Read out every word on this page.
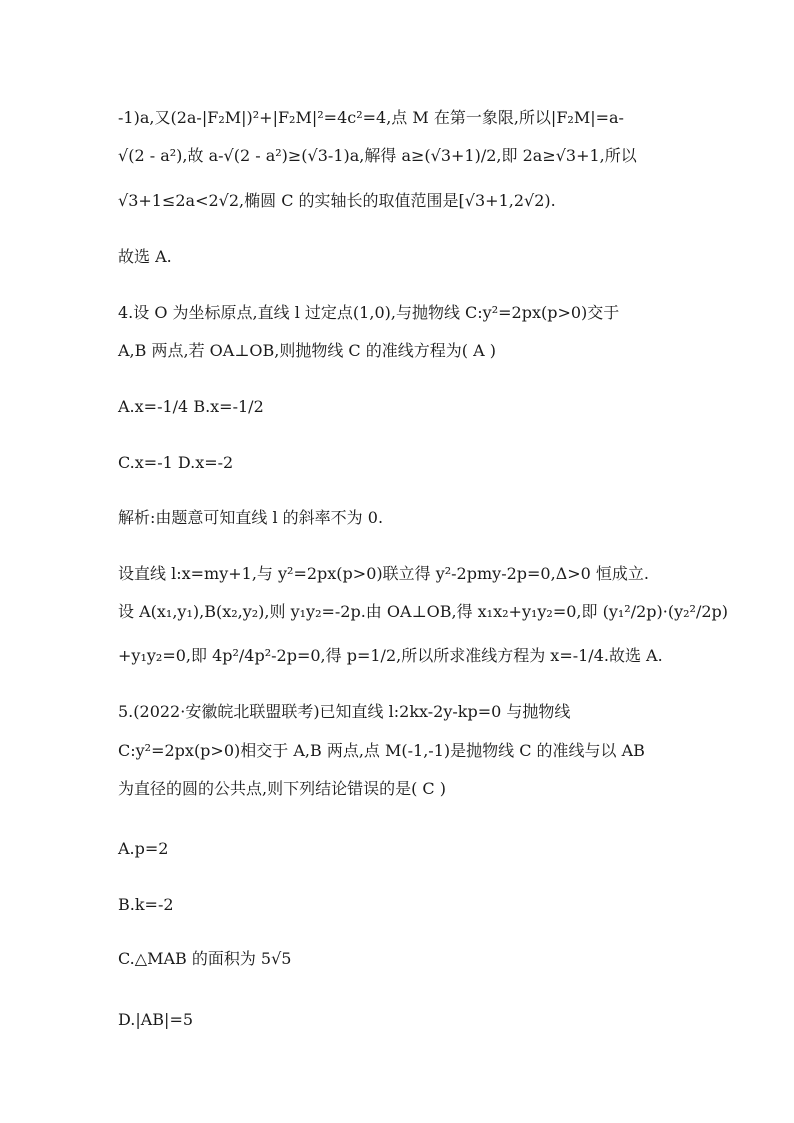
-1)a,又(2a-|F₂M|)²+|F₂M|²=4c²=4,点 M 在第一象限,所以|F₂M|=a-
√(2 - a²),故 a-√(2 - a²)≥(√3-1)a,解得 a≥(√3+1)/2,即 2a≥√3+1,所以
√3+1≤2a<2√2,椭圆 C 的实轴长的取值范围是[√3+1,2√2).
故选 A.
4.设 O 为坐标原点,直线 l 过定点(1,0),与抛物线 C:y²=2px(p>0)交于
A,B 两点,若 OA⊥OB,则抛物线 C 的准线方程为( A )
A.x=-1/4 B.x=-1/2
C.x=-1 D.x=-2
解析:由题意可知直线 l 的斜率不为 0.
设直线 l:x=my+1,与 y²=2px(p>0)联立得 y²-2pmy-2p=0,Δ>0 恒成立.
设 A(x₁,y₁),B(x₂,y₂),则 y₁y₂=-2p.由 OA⊥OB,得 x₁x₂+y₁y₂=0,即 (y₁²/2p)·(y₂²/2p)
+y₁y₂=0,即 4p²/4p²-2p=0,得 p=1/2,所以所求准线方程为 x=-1/4.故选 A.
5.(2022·安徽皖北联盟联考)已知直线 l:2kx-2y-kp=0 与抛物线
C:y²=2px(p>0)相交于 A,B 两点,点 M(-1,-1)是抛物线 C 的准线与以 AB
为直径的圆的公共点,则下列结论错误的是( C )
A.p=2
B.k=-2
C.△MAB 的面积为 5√5
D.|AB|=5
